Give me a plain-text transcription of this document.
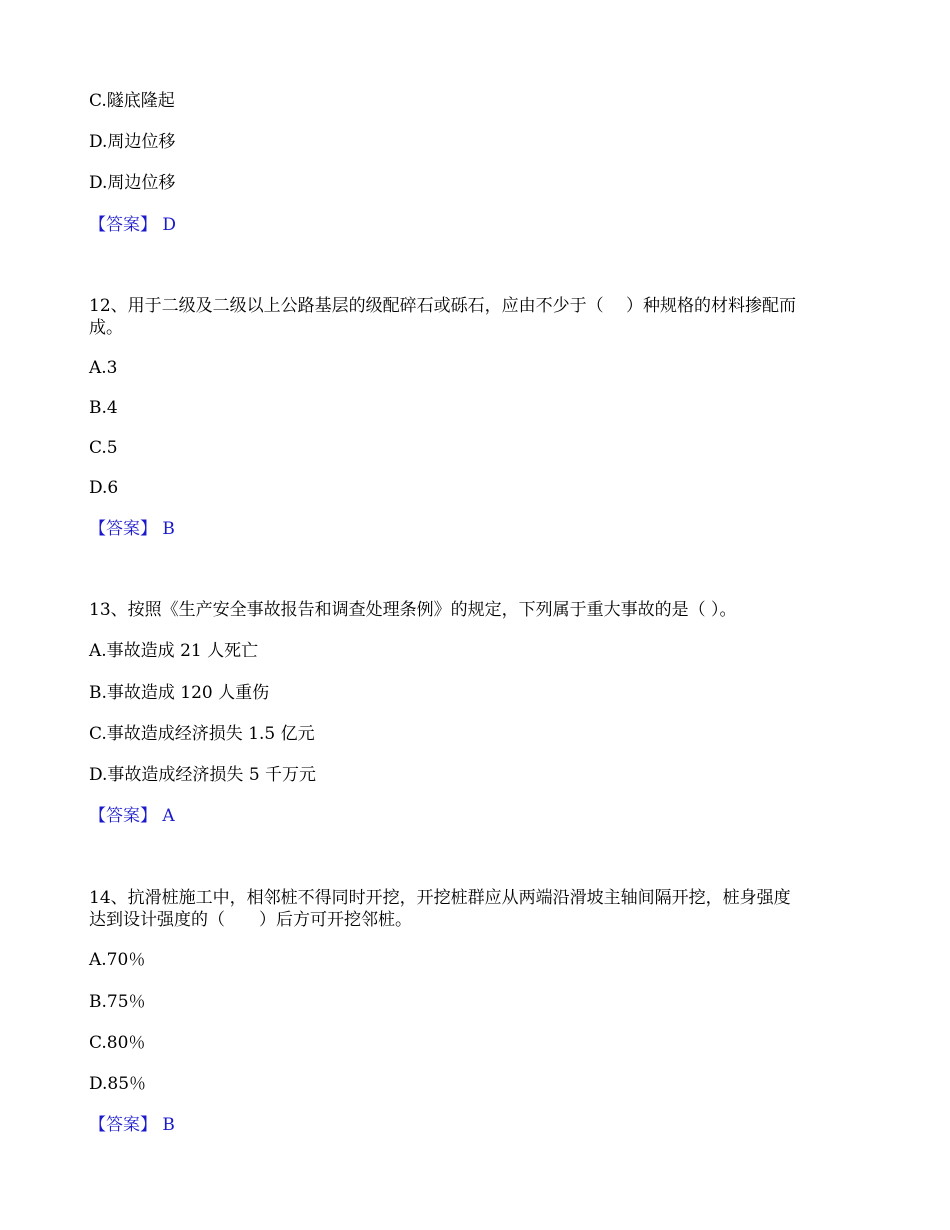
C.隧底隆起
D.周边位移
D.周边位移
【答案】 D
12、用于二级及二级以上公路基层的级配碎石或砾石，应由不少于（　 ）种规格的材料掺配而
成。
A.3
B.4
C.5
D.6
【答案】 B
13、按照《生产安全事故报告和调查处理条例》的规定，下列属于重大事故的是（ ）。
A.事故造成 21 人死亡
B.事故造成 120 人重伤
C.事故造成经济损失 1.5 亿元
D.事故造成经济损失 5 千万元
【答案】 A
14、抗滑桩施工中，相邻桩不得同时开挖，开挖桩群应从两端沿滑坡主轴间隔开挖，桩身强度
达到设计强度的（　　）后方可开挖邻桩。
A.70％
B.75％
C.80％
D.85％
【答案】 B
